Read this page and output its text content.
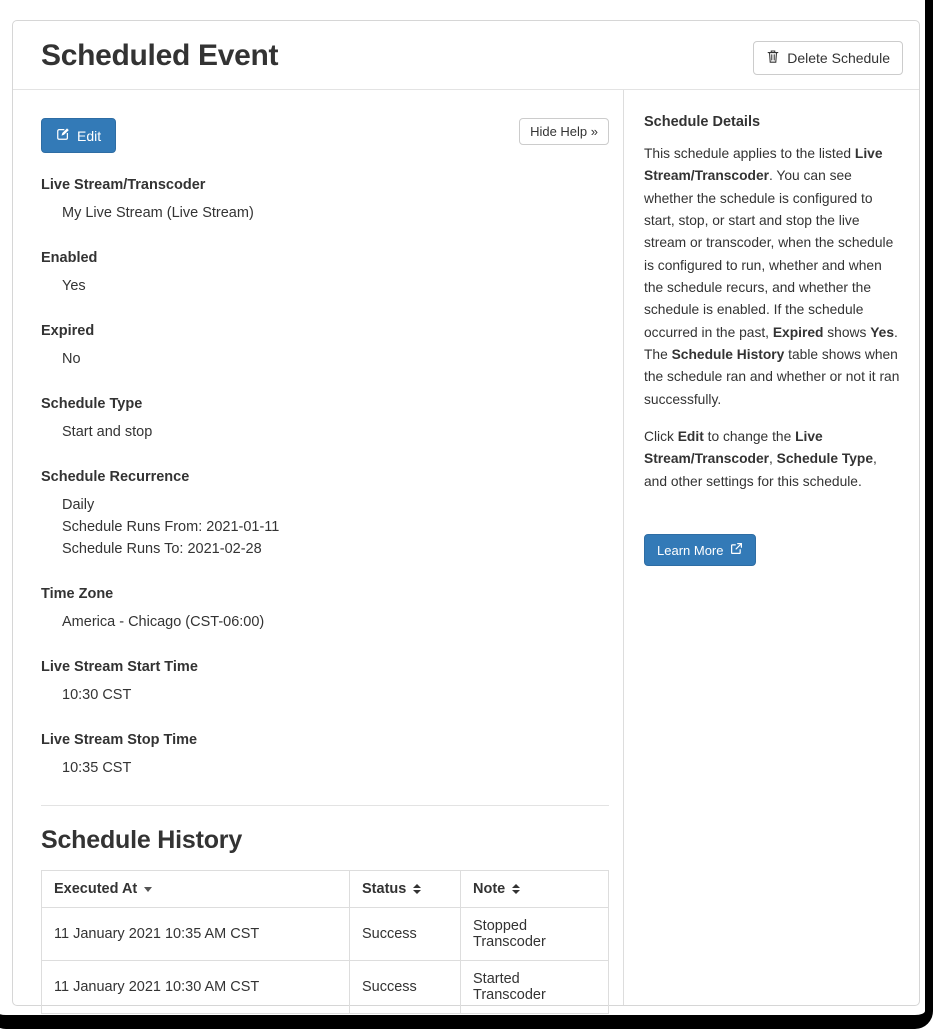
Scheduled Event	Delete Schedule
Edit	Hide Help »
Live Stream/Transcoder
My Live Stream (Live Stream)
Enabled
Yes
Expired
No
Schedule Type
Start and stop
Schedule Recurrence
Daily
Schedule Runs From: 2021-01-11
Schedule Runs To: 2021-02-28
Time Zone
America - Chicago (CST-06:00)
Live Stream Start Time
10:30 CST
Live Stream Stop Time
10:35 CST
Schedule History
Executed At	Status	Note

11 January 2021 10:35 AM CST	Success	Stopped Transcoder
11 January 2021 10:30 AM CST	Success	Started Transcoder
Schedule Details

This schedule applies to the listed Live Stream/Transcoder. You can see whether the schedule is configured to start, stop, or start and stop the live stream or transcoder, when the schedule is configured to run, whether and when the schedule recurs, and whether the schedule is enabled. If the schedule occurred in the past, Expired shows Yes. The Schedule History table shows when the schedule ran and whether or not it ran successfully.

Click Edit to change the Live Stream/Transcoder, Schedule Type, and other settings for this schedule.

Learn More
